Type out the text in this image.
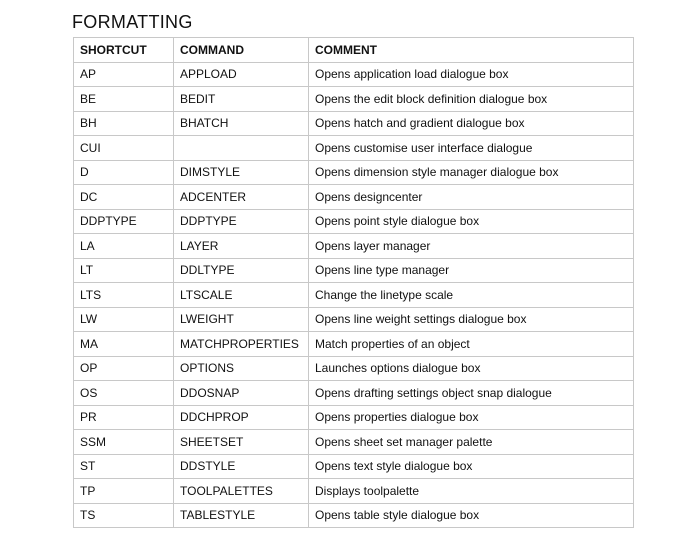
FORMATTING
SHORTCUT	COMMAND	COMMENT
AP	APPLOAD	Opens application load dialogue box
BE	BEDIT	Opens the edit block definition dialogue box
BH	BHATCH	Opens hatch and gradient dialogue box
CUI		Opens customise user interface dialogue
D	DIMSTYLE	Opens dimension style manager dialogue box
DC	ADCENTER	Opens designcenter
DDPTYPE	DDPTYPE	Opens point style dialogue box
LA	LAYER	Opens layer manager
LT	DDLTYPE	Opens line type manager
LTS	LTSCALE	Change the linetype scale
LW	LWEIGHT	Opens line weight settings dialogue box
MA	MATCHPROPERTIES	Match properties of an object
OP	OPTIONS	Launches options dialogue box
OS	DDOSNAP	Opens drafting settings object snap dialogue
PR	DDCHPROP	Opens properties dialogue box
SSM	SHEETSET	Opens sheet set manager palette
ST	DDSTYLE	Opens text style dialogue box
TP	TOOLPALETTES	Displays toolpalette
TS	TABLESTYLE	Opens table style dialogue box
